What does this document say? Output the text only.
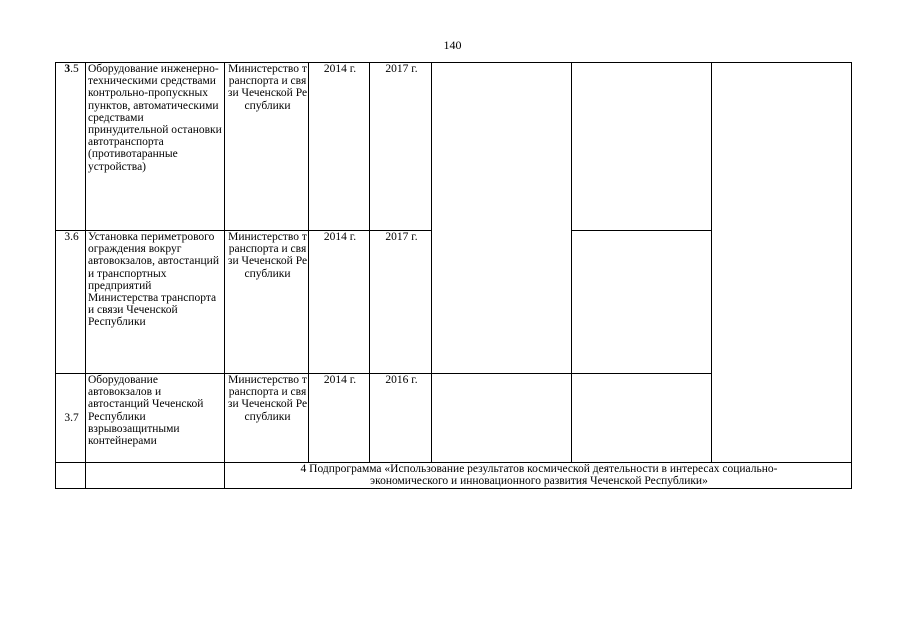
140
3.5	Оборудование инженерно-техническими средствами контрольно-пропускных пунктов, автоматическими средствами принудительной остановки автотранспорта (противотаранные устройства)	Министерство транспорта и связи Чеченской Республики	2014 г.	2017 г.			
3.6	Установка периметрового ограждения вокруг автовокзалов, автостанций и транспортных предприятий Министерства транспорта и связи Чеченской Республики	Министерство транспорта и связи Чеченской Республики	2014 г.	2017 г.			
3.7	Оборудование автовокзалов и автостанций Чеченской Республики взрывозащитными контейнерами	Министерство транспорта и связи Чеченской Республики	2014 г.	2016 г.			

		4 Подпрограмма «Использование результатов космической деятельности в интересах социально-
экономического и инновационного развития Чеченской Республики»					
